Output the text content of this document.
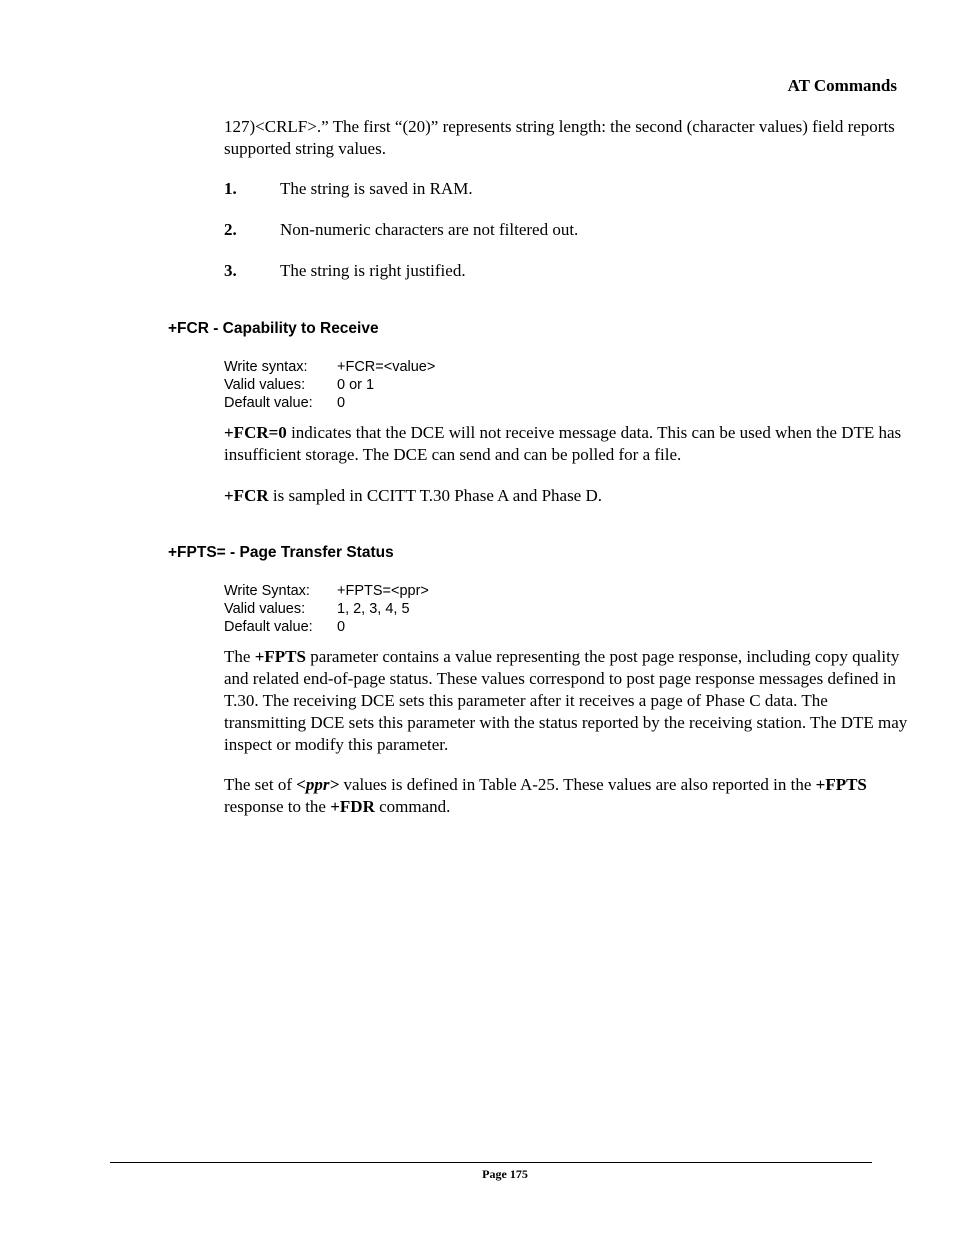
AT Commands
127)<CRLF>.” The first “(20)” represents string length: the second (character values) field reports supported string values.
1.	The string is saved in RAM.
2.	Non-numeric characters are not filtered out.
3.	The string is right justified.
+FCR - Capability to Receive
Write syntax: +FCR=<value>
Valid values: 0 or 1
Default value: 0
+FCR=0 indicates that the DCE will not receive message data. This can be used when the DTE has insufficient storage. The DCE can send and can be polled for a file.
+FCR is sampled in CCITT T.30 Phase A and Phase D.
+FPTS= - Page Transfer Status
Write Syntax: +FPTS=<ppr>
Valid values: 1, 2, 3, 4, 5
Default value: 0
The +FPTS parameter contains a value representing the post page response, including copy quality and related end-of-page status. These values correspond to post page response messages defined in T.30. The receiving DCE sets this parameter after it receives a page of Phase C data. The transmitting DCE sets this parameter with the status reported by the receiving station. The DTE may inspect or modify this parameter.
The set of <ppr> values is defined in Table A-25. These values are also reported in the +FPTS response to the +FDR command.
Page 175
